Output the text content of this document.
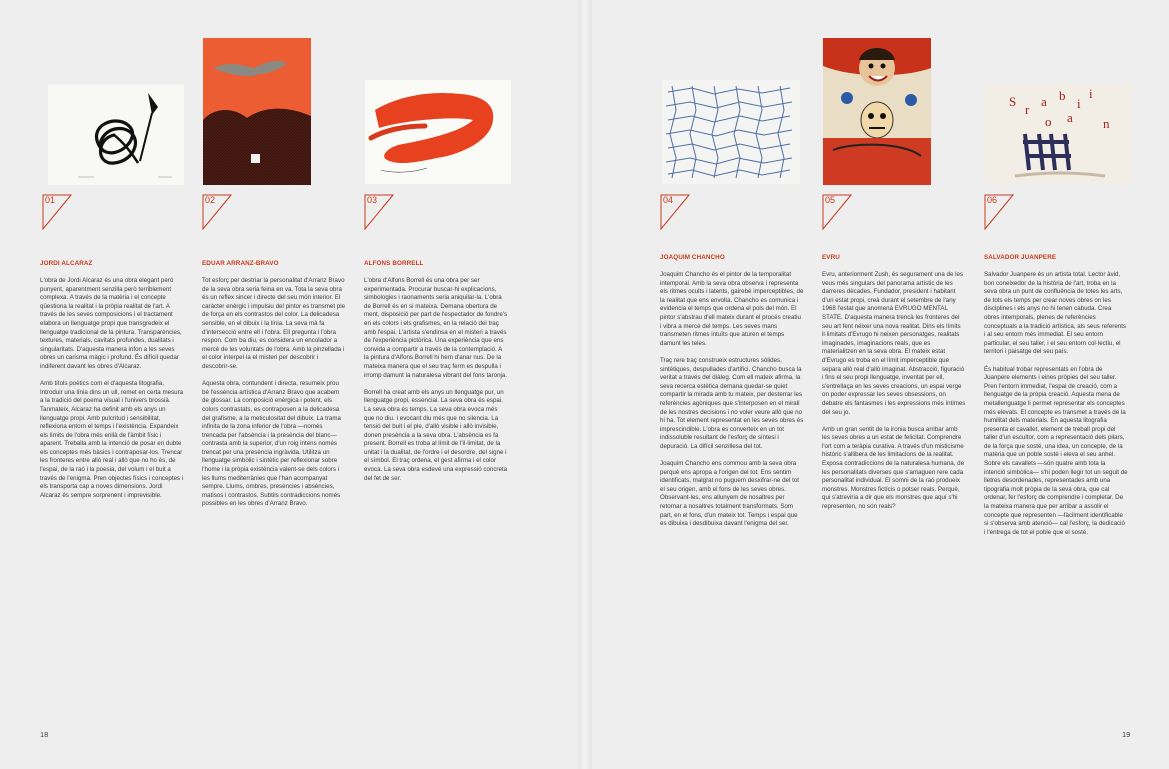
S
r
a b
i
i
o a n
01	02	03	04	05	06
JORDI ALCARAZ	EDUAR ARRANZ-BRAVO	ALFONS BORRELL
JOAQUIM CHANCHO	EVRU	SALVADOR JUANPERE

L'obra de Jordi Alcaraz és una obra elegant però punyent, aparentment senzilla però terriblement complexa. A través de la matèria i el concepte qüestiona la realitat i la pròpia realitat de l'art. A través de les seves composicions i el tractament elabora un llenguatge propi que transgredeix el llenguatge tradicional de la pintura. Transparències, textures, materials, cavitats profundes, dualitats i singularitats. D'aquesta manera infon a les seves obres un carisma màgic i profund. És difícil quedar indiferent davant les obres d'Alcaraz.

Amb títols poètics com el d'aquesta litografia, Introduir una línia dins un ull, remet en certa mesura a la tradició del poema visual i l'univers brossià. Tanmateix, Alcaraz ha definit amb els anys un llenguatge propi. Amb pulcritud i sensibilitat, reflexiona entorn el temps i l'existència. Expandeix els límits de l'obra més enllà de l'àmbit físic i aparent. Treballa amb la intenció de posar en dubte els conceptes més bàsics i contraposar-los. Trencar les fronteres entre allò real i allò que no ho és, de l'espai, de la raó i la poesia, del volum i el buit a través de l'enigma. Pren objectes físics i conceptes i els transporta cap a noves dimensions. Jordi Alcaraz és sempre sorprenent i imprevisible.

Tot esforç per destriar la personalitat d'Arranz Bravo de la seva obra seria feina en va. Tota la seva obra és un reflex sincer i directe del seu món interior. El caràcter enèrgic i impulsiu del pintor es transmet ple de força en els contrastos del color. La delicadesa sensible, en el dibuix i la línia. La seva mà fa d'intersecció entre ell i l'obra. Ell pregunta i l'obra respon. Com ba diu, es considera un encolador a mercè de les voluntats de l'obra. Amb la pinzellada i el color interpel·la el misteri per descobrir i descobrir-se.

Aquesta obra, contundent i directa, resumeix prou bé l'essència artística d'Arranz Bravo que acabem de glossar. La composició enèrgica i potent, els colors contrastats, es contraposen a la delicadesa del grafisme, a la meticulositat del dibuix. La trama infinita de la zona inferior de l'obra —només trencada per l'absència i la presència del blanc— contrasta amb la superior, d'un roig intens només trencat per una presència ingràvida. Utilitza un llenguatge simbòlic i sintètic per reflexionar sobre l'home i la pròpia existència valent-se dels colors i les llums mediterrànies que l'han acompanyat sempre. Llums, ombres, presències i absències, matisos i contrastos. Subtils contradiccions només possibles en les obres d'Arranz Bravo.

L'obra d'Alfons Borrell és una obra per ser experimentada. Procurar buscar-hi explicacions, simbologies i raonaments seria aniquilar-la. L'obra de Borrell és en si mateixa. Demana obertura de ment, disposició per part de l'espectador de fondre's en els colors i els grafismes, en la relació del traç amb l'espai. L'artista s'endinsa en el misteri a través de l'experiència pictòrica. Una experiència que ens convida a compartir a través de la contemplació. A la pintura d'Alfons Borrell hi hem d'anar nus. De la mateixa manera que el seu traç ferm es despulla i irromp damunt la naturalesa vibrant del fons taronja.

Borrell ha creat amb els anys un llenguatge pur, un llenguatge propi, essencial. La seva obra és espai. La seva obra és temps. La seva obra evoca més que no diu. I evocant diu més que no silencia. La tensió del buit i el ple, d'allò visible i allò invisible, donen presència a la seva obra. L'absència es fa present. Borrell es troba al límit de l'il·limitat, de la unitat i la dualitat, de l'ordre i el desordre, del signe i el símbol. El traç ordena, el gest afirma i el color evoca. La seva obra esdevé una expressió concreta del fet de ser.

Joaquim Chancho és el pintor de la temporalitat intemporal. Amb la seva obra observa i representa els ritmes ocults i latents, gairebé imperceptibles, de la realitat que ens envolta. Chancho es comunica i evidencia el temps que ordena el pols del món. El pintor s'abstrau d'ell mateix durant el procés creatiu i vibra a mercè del temps. Les seves mans transmeten ritmes intuïts que aturen el temps damunt les teles.

Traç rere traç construeix estructures sòlides, sintètiques, despullades d'artifici. Chancho busca la veritat a través del diàleg. Com ell mateix afirma, la seva recerca estètica demana quedar-se quiet compartir la mirada amb tu mateix, per desterrar les referències agòniques que s'interposen en el mirall de les nostres decisions i no voler veure allò que no hi ha. Tot element representat en les seves obres és imprescindible. L'obra es converteix en un tot indissoluble resultant de l'esforç de síntesi i depuració. La difícil senzillesa del tot.

Joaquim Chancho ens commou amb la seva obra perquè ens apropa a l'origen del tot. Ens sentim identificats, malgrat no puguem desxifrar-ne del tot el seu origen, amb el fons de les seves obres. Observant-les, ens allunyem de nosaltres per retornar a nosaltres totalment transformats. Som part, en el fons, d'un mateix tot. Temps i espai que es dibuixa i desdibuixa davant l'enigma del ser.

Evru, anteriorment Zush, és segurament una de les veus més singulars del panorama artístic de les darreres dècades. Fundador, president i habitant d'un estat propi, creà durant el setembre de l'any 1968 l'estat que anomenà EVRUGO MENTAL STATE. D'aquesta manera trencà les fronteres del seu art fent néixer una nova realitat. Dins els límits il·limitats d'Evrugo hi neixen personatges, realitats imaginades, imaginacions reals, que es materialitzen en la seva obra. El mateix estat d'Evrugo es troba en el límit imperceptible que separa allò real d'allò imaginat. Abstracció, figuració i fins el seu propi llenguatge, inventat per ell, s'entrellaça en les seves creacions, un espai verge on poder expressar les seves obsessions, on debatre els fantasmes i les expressions més íntimes del seu jo.

Amb un gran sentit de la ironia busca arribar amb les seves obres a un estat de felicitat. Comprendre l'ort com a teràpia curativa. A través d'un misticisme històric s'allibera de les limitacions de la realitat. Exposa contradiccions de la naturalesa humana, de les personalitats diverses que s'amaguen rere cada personalitat individual. El somni de la raó produeix monstres. Monstres fictícis o potser reals. Perquè, qui s'atreviria a dir que els monstres que aquí s'hi representen, no són reals?

Salvador Juanpere és un artista total. Lector àvid, bon coneixedor de la història de l'art, troba en la seva obra un punt de confluència de totes les arts, de tots els temps per crear noves obres on les disciplines i els anys no hi tenen cabuda. Crea obres intemporals, plenes de referències conceptuals a la tradició artística, als seus referents i al seu entorn més immediat. El seu entorn particular, el seu taller, i el seu entorn col·lectiu, el territori i paisatge del seu país.

És habitual trobar representats en l'obra de Juanpere elements i eines pròpies del seu taller. Pren l'entorn immediat, l'espai de creació, com a llenguatge de la pròpia creació. Aquesta mena de metallenguatge li permet representar els conceptes més elevats. El concepte es transmet a través de la humilitat dels materials. En aquesta litografia presenta el cavallet, element de treball propi del taller d'un escultor, com a representació dels pilars, de la força que sosté, una idea, un concepte, de la matèria que un poble sosté i eleva el seu anhel. Sobre els cavallets —són quatre amb tota la intenció simbòlica— s'hi poden llegir tot un seguit de lletres desordenades, representades amb una tipografia molt pròpia de la seva obra, que cal ordenar, fer l'esforç de comprendre i completar. De la mateixa manera que per arribar a assolir el concepte que representen —fàcilment identificable si s'observa amb atenció— cal l'esforç, la dedicació i l'entrega de tot el poble que el sosté.

18	19
